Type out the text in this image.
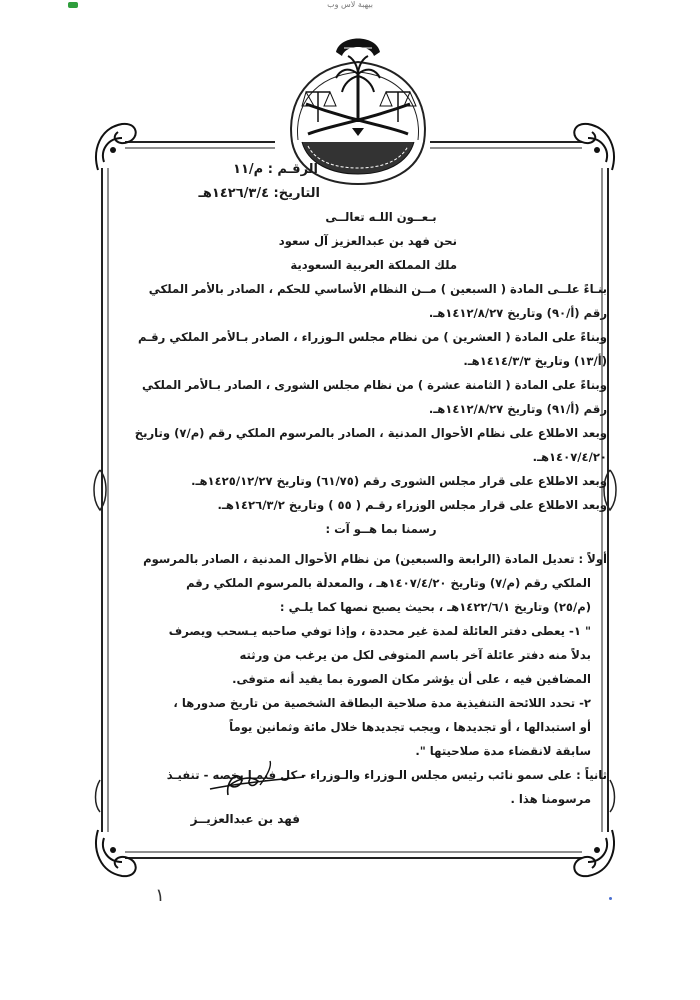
بيهبة لاس وب
الرقـم : م/١١
التاريخ: ١٤٢٦/٣/٤هـ

بـعــون اللـه تعالــى

نحن فهد بن عبدالعزيز آل سعود

ملك المملكة العربية السعودية

بنـاءً علــى المادة ( السبعين ) مــن النظام الأساسي للحكم ، الصادر بالأمر الملكي

رقم (أ/٩٠) وتاريخ ١٤١٢/٨/٢٧هـ.

وبناءً على المادة ( العشرين ) من نظام مجلس الـوزراء ، الصادر بـالأمر الملكي رقـم

(أ/١٣) وتاريخ ١٤١٤/٣/٣هـ.

وبناءً على المادة ( الثامنة عشرة ) من نظام مجلس الشورى ، الصادر بـالأمر الملكي

رقم (أ/٩١) وتاريخ ١٤١٢/٨/٢٧هـ.

وبعد الاطلاع على نظام الأحوال المدنية ، الصادر بالمرسوم الملكي رقم (م/٧) وتاريخ

١٤٠٧/٤/٢٠هـ.

وبعد الاطلاع على قرار مجلس الشورى رقم (٦١/٧٥) وتاريخ ١٤٢٥/١٢/٢٧هـ.

وبعد الاطلاع على قرار مجلس الوزراء رقـم ( ٥٥ ) وتاريخ ١٤٢٦/٣/٢هـ.

رسمنا بما هــو آت :

أولاً : تعديل المادة (الرابعة والسبعين) من نظام الأحوال المدنية ، الصادر بالمرسوم

الملكي رقم (م/٧) وتاريخ ١٤٠٧/٤/٢٠هـ ، والمعدلة بالمرسوم الملكي رقم

(م/٢٥) وتاريخ ١٤٢٢/٦/١هـ ، بحيث يصبح نصها كما يلـي :

" ١- يعطى دفتر العائلة لمدة غير محددة ، وإذا توفي صاحبه يـسحب ويصرف

بدلاً منه دفتر عائلة آخر باسم المتوفى لكل من يرغب من ورثته

المضافين فيه ، على أن يؤشر مكان الصورة بما يفيد أنه متوفى.

٢- تحدد اللائحة التنفيذية مدة صلاحية البطاقة الشخصية من تاريخ صدورها ،

أو استبدالها ، أو تجديدها ، ويجب تجديدها خلال مائة وثمانين يوماً

سابقة لانقضاء مدة صلاحيتها ".

ثانياً : على سمو نائب رئيس مجلس الـوزراء والـوزراء - كل فيمـا يخصه - تنفيـذ

مرسومنا هذا .

فهد بن عبدالعزيــز
١
